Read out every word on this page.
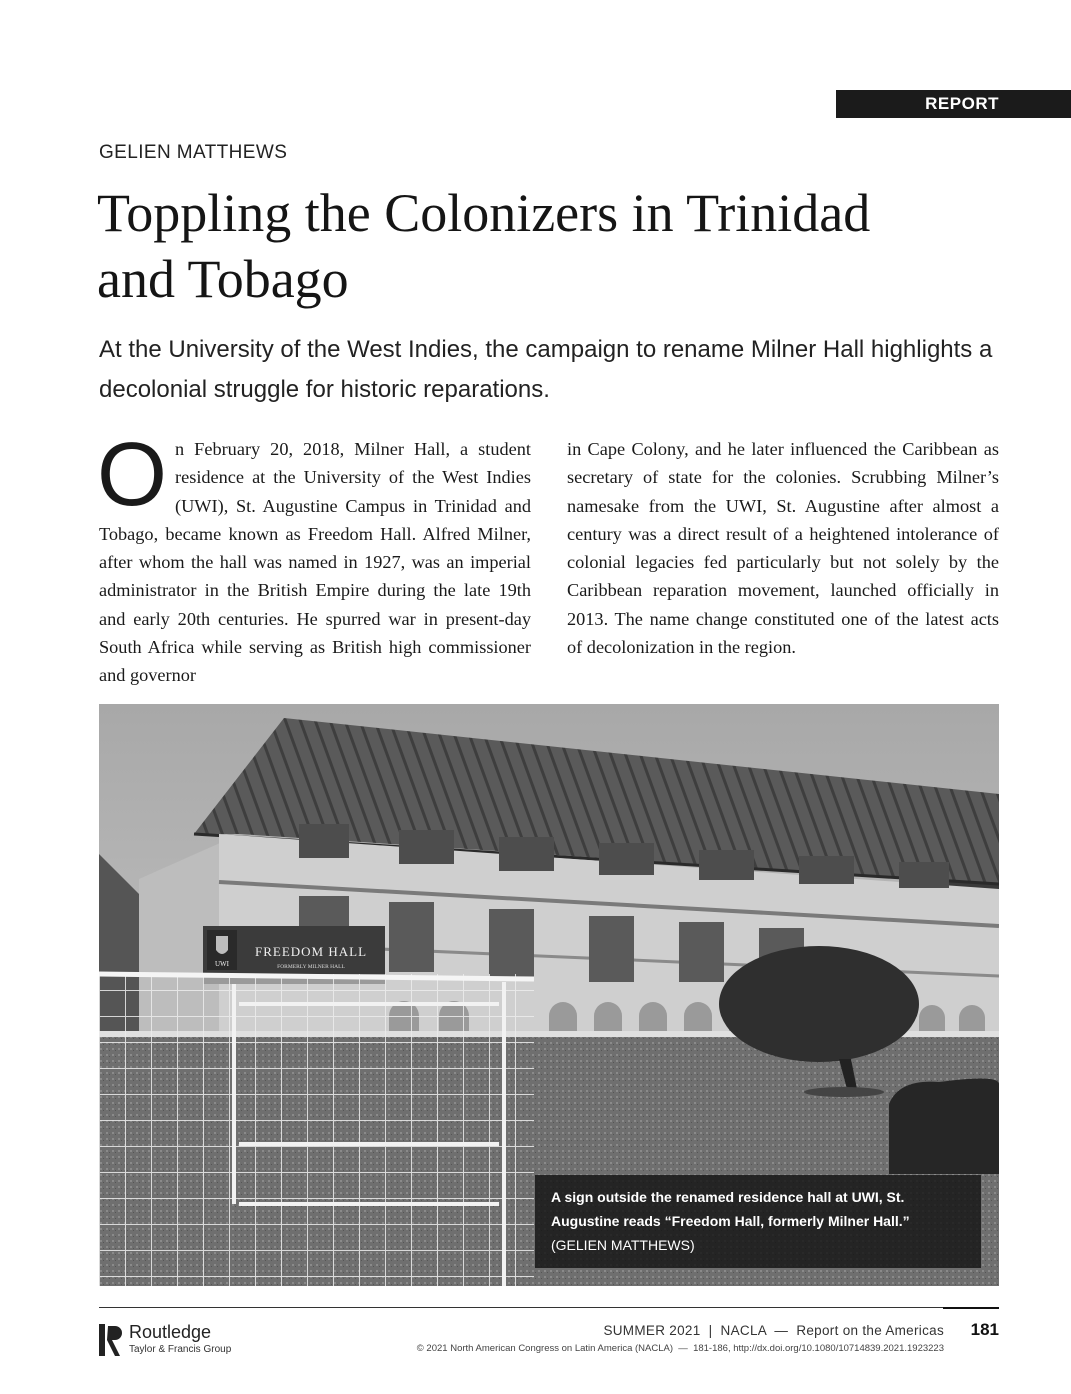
REPORT
GELIEN MATTHEWS
Toppling the Colonizers in Trinidad and Tobago

At the University of the West Indies, the campaign to rename Milner Hall highlights a decolonial struggle for historic reparations.

On February 20, 2018, Milner Hall, a student residence at the University of the West Indies (UWI), St. Augustine Campus in Trinidad and Tobago, became known as Freedom Hall. Alfred Milner, after whom the hall was named in 1927, was an imperial administrator in the British Empire during the late 19th and early 20th centuries. He spurred war in present-day South Africa while serving as British high commissioner and governor

in Cape Colony, and he later influenced the Caribbean as secretary of state for the colonies. Scrubbing Milner’s namesake from the UWI, St. Augustine after almost a century was a direct result of a heightened intolerance of colonial legacies fed particularly but not solely by the Caribbean reparation movement, launched officially in 2013. The name change constituted one of the latest acts of decolonization in the region.

UWI
FREEDOM HALL
FORMERLY MILNER HALL
A sign outside the renamed residence hall at UWI, St. Augustine reads “Freedom Hall, formerly Milner Hall.”
(GELIEN MATTHEWS)
Routledge
Taylor & Francis Group
SUMMER 2021  |  NACLA  —  Report on the Americas 181
© 2021 North American Congress on Latin America (NACLA)  —  181-186, http://dx.doi.org/10.1080/10714839.2021.1923223
